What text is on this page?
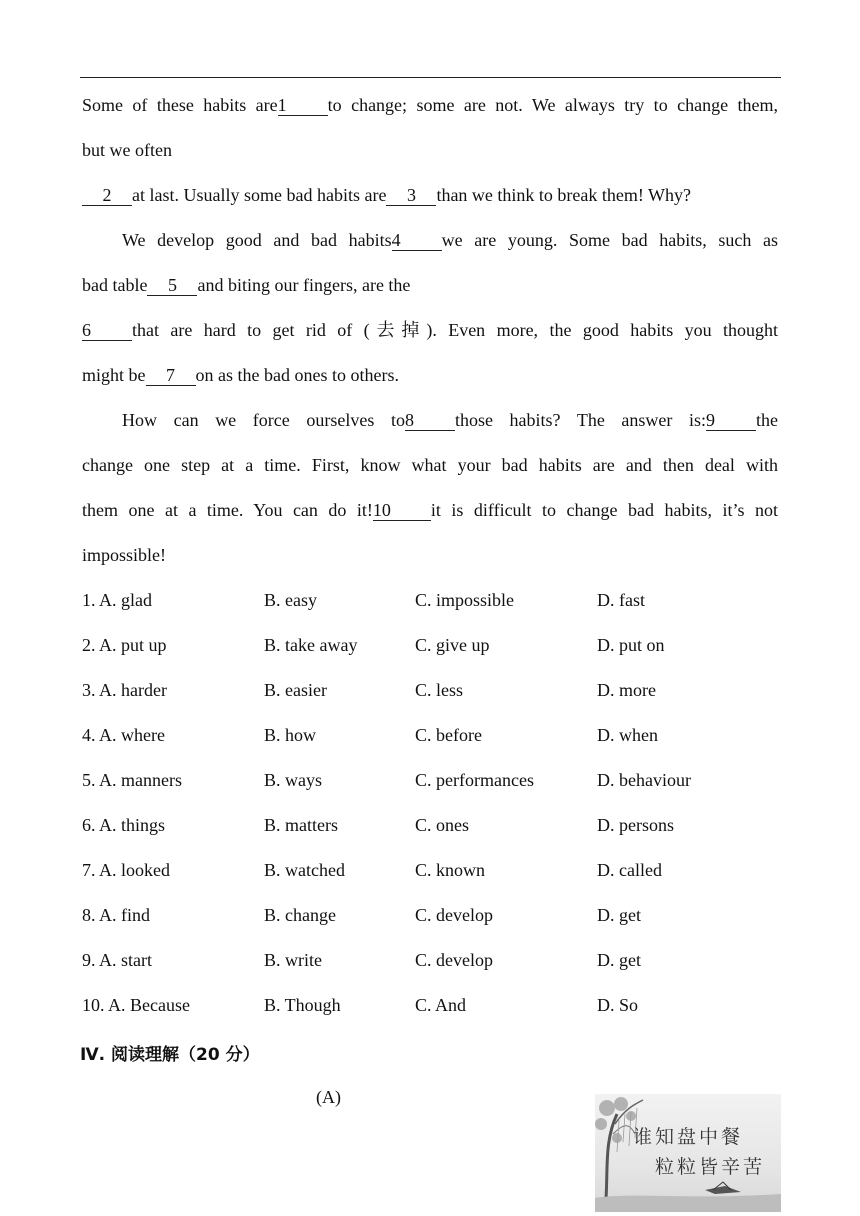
Some of these habits are1 to change; some are not. We always try to change them,
but we often
2 at last. Usually some bad habits are 3 than we think to break them! Why?
We develop good and bad habits4 we are young. Some bad habits, such as
bad table 5 and biting our fingers, are the
6 that are hard to get rid of (去掉). Even more, the good habits you thought
might be 7 on as the bad ones to others.
How can we force ourselves to8 those habits? The answer is:9 the
change one step at a time. First, know what your bad habits are and then deal with
them one at a time. You can do it!10 it is difficult to change bad habits, it’s not
impossible!
1. A. glad	B. easy	C. impossible	D. fast
2. A. put up	B. take away	C. give up	D. put on
3. A. harder	B. easier	C. less	D. more
4. A. where	B. how	C. before	D. when
5. A. manners	B. ways	C. performances	D. behaviour
6. A. things	B. matters	C. ones	D. persons
7. A. looked	B. watched	C. known	D. called
8. A. find	B. change	C. develop	D. get
9. A. start	B. write	C. develop	D. get
10. A. Because	B. Though	C. And	D. So
Ⅳ. 阅读理解（20 分）
(A)
谁知盘中餐
粒粒皆辛苦
